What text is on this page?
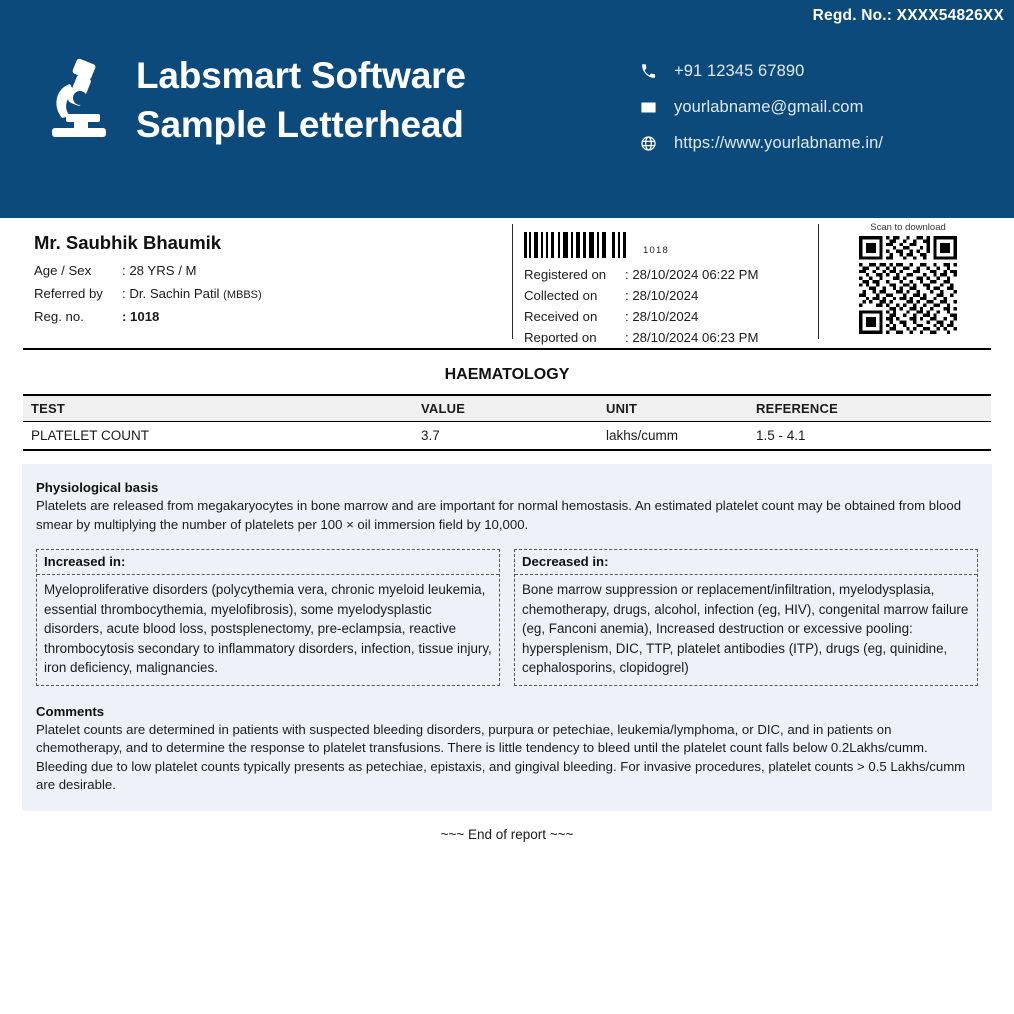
Regd. No.: XXXX54826XX
Labsmart Software
Sample Letterhead
+91 12345 67890
yourlabname@gmail.com
https://www.yourlabname.in/
Mr. Saubhik Bhaumik
Age / Sex	: 28 YRS / M
Referred by	: Dr. Sachin Patil (MBBS)
Reg. no.	: 1018
1018
Registered on	: 28/10/2024 06:22 PM
Collected on	: 28/10/2024
Received on	: 28/10/2024
Reported on	: 28/10/2024 06:23 PM
Scan to download
HAEMATOLOGY
TEST	VALUE	UNIT	REFERENCE
PLATELET COUNT	3.7	lakhs/cumm	1.5 - 4.1
Physiological basis
Platelets are released from megakaryocytes in bone marrow and are important for normal hemostasis. An estimated platelet count may be obtained from blood smear by multiplying the number of platelets per 100 × oil immersion field by 10,000.
Increased in:
Myeloproliferative disorders (polycythemia vera, chronic myeloid leukemia, essential thrombocythemia, myelofibrosis), some myelodysplastic disorders, acute blood loss, postsplenectomy, pre-eclampsia, reactive thrombocytosis secondary to inflammatory disorders, infection, tissue injury, iron deficiency, malignancies.
Decreased in:
Bone marrow suppression or replacement/infiltration, myelodysplasia, chemotherapy, drugs, alcohol, infection (eg, HIV), congenital marrow failure (eg, Fanconi anemia), Increased destruction or excessive pooling: hypersplenism, DIC, TTP, platelet antibodies (ITP), drugs (eg, quinidine, cephalosporins, clopidogrel)
Comments
Platelet counts are determined in patients with suspected bleeding disorders, purpura or petechiae, leukemia/lymphoma, or DIC, and in patients on chemotherapy, and to determine the response to platelet transfusions. There is little tendency to bleed until the platelet count falls below 0.2Lakhs/cumm. Bleeding due to low platelet counts typically presents as petechiae, epistaxis, and gingival bleeding. For invasive procedures, platelet counts > 0.5 Lakhs/cumm are desirable.
~~~ End of report ~~~
